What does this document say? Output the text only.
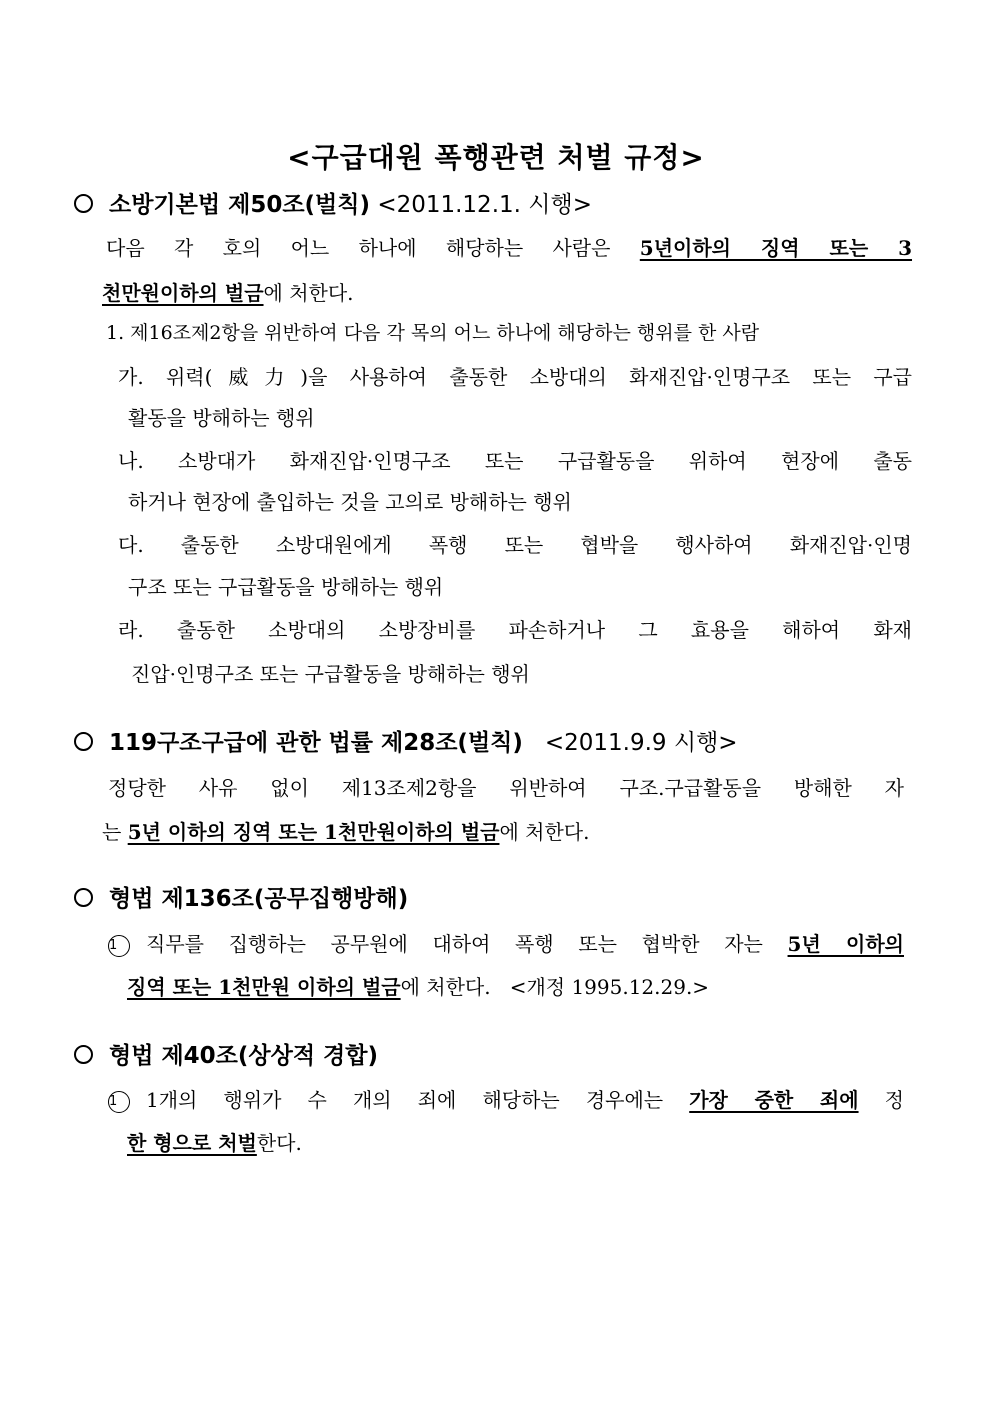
<구급대원 폭행관련 처벌 규정>
소방기본법 제50조(벌칙) <2011.12.1. 시행>
다음 각 호의 어느 하나에 해당하는 사람은 5년이하의 징역 또는 3
천만원이하의 벌금에 처한다.
1. 제16조제2항을 위반하여 다음 각 목의 어느 하나에 해당하는 행위를 한 사람
가. 위력(威力)을 사용하여 출동한 소방대의 화재진압·인명구조 또는 구급
활동을 방해하는 행위
나. 소방대가 화재진압·인명구조 또는 구급활동을 위하여 현장에 출동
하거나 현장에 출입하는 것을 고의로 방해하는 행위
다. 출동한 소방대원에게 폭행 또는 협박을 행사하여 화재진압·인명
구조 또는 구급활동을 방해하는 행위
라. 출동한 소방대의 소방장비를 파손하거나 그 효용을 해하여 화재
진압·인명구조 또는 구급활동을 방해하는 행위
119구조구급에 관한 법률 제28조(벌칙) <2011.9.9 시행>
정당한 사유 없이 제13조제2항을 위반하여 구조.구급활동을 방해한 자
는 5년 이하의 징역 또는 1천만원이하의 벌금에 처한다.
형법 제136조(공무집행방해)
1 직무를 집행하는 공무원에 대하여 폭행 또는 협박한 자는 5년 이하의
징역 또는 1천만원 이하의 벌금에 처한다. <개정 1995.12.29.>
형법 제40조(상상적 경합)
1 1개의 행위가 수 개의 죄에 해당하는 경우에는 가장 중한 죄에 정
한 형으로 처벌한다.
